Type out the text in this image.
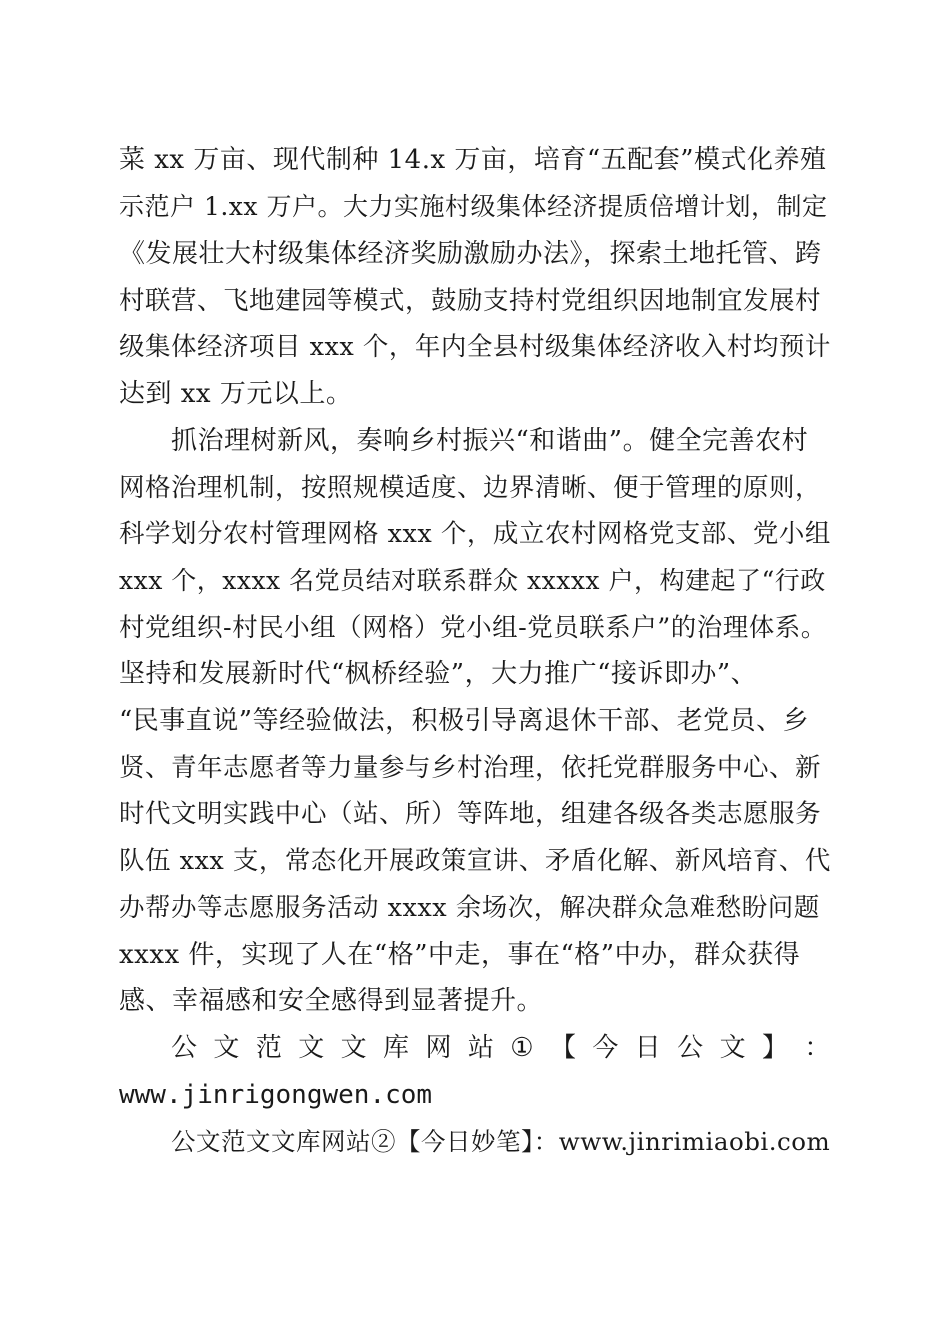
菜 xx 万亩、现代制种 14.x 万亩，培育“五配套”模式化养殖
示范户 1.xx 万户。大力实施村级集体经济提质倍增计划，制定
《发展壮大村级集体经济奖励激励办法》，探索土地托管、跨
村联营、飞地建园等模式，鼓励支持村党组织因地制宜发展村
级集体经济项目 xxx 个，年内全县村级集体经济收入村均预计
达到 xx 万元以上。
抓治理树新风，奏响乡村振兴“和谐曲”。健全完善农村
网格治理机制，按照规模适度、边界清晰、便于管理的原则，
科学划分农村管理网格 xxx 个，成立农村网格党支部、党小组
xxx 个，xxxx 名党员结对联系群众 xxxxx 户，构建起了“行政
村党组织-村民小组（网格）党小组-党员联系户”的治理体系。
坚持和发展新时代“枫桥经验”，大力推广“接诉即办”、
“民事直说”等经验做法，积极引导离退休干部、老党员、乡
贤、青年志愿者等力量参与乡村治理，依托党群服务中心、新
时代文明实践中心（站、所）等阵地，组建各级各类志愿服务
队伍 xxx 支，常态化开展政策宣讲、矛盾化解、新风培育、代
办帮办等志愿服务活动 xxxx 余场次，解决群众急难愁盼问题
xxxx 件，实现了人在“格”中走，事在“格”中办，群众获得
感、幸福感和安全感得到显著提升。
公 文 范 文 文 库 网 站 ① 【 今 日 公 文 】 ：
www.jinrigongwen.com
公文范文文库网站②【今日妙笔】：www.jinrimiaobi.com
